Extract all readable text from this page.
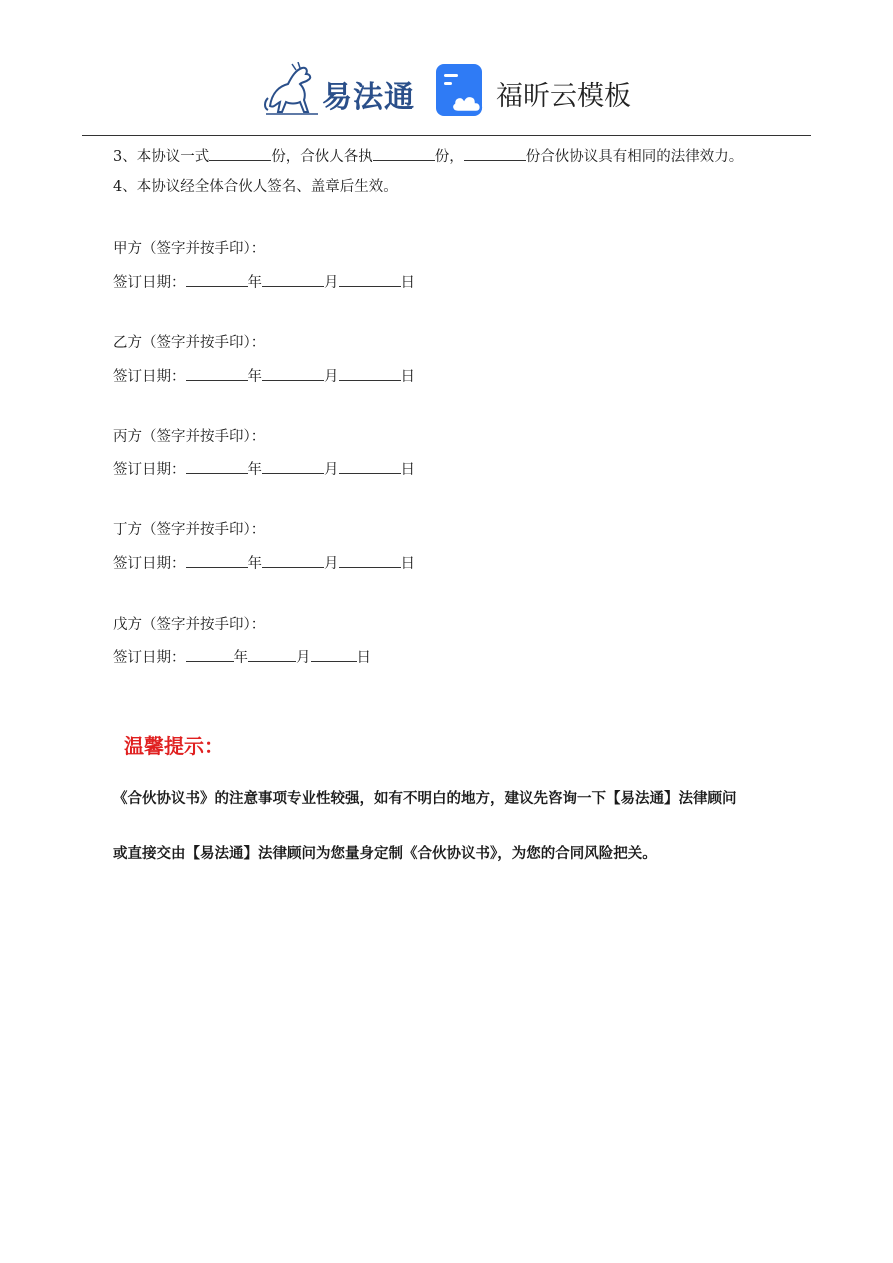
易法通	福昕云模板
3、本协议一式	份，合伙人各执	份，	份合伙协议具有相同的法律效力。
4、本协议经全体合伙人签名、盖章后生效。
甲方（签字并按手印）：
签订日期：	年	月	日
乙方（签字并按手印）：
签订日期：	年	月	日
丙方（签字并按手印）：
签订日期：	年	月	日
丁方（签字并按手印）：
签订日期：	年	月	日
戊方（签字并按手印）：
签订日期：	年	月	日
温馨提示：
《合伙协议书》的注意事项专业性较强，如有不明白的地方，建议先咨询一下【易法通】法律顾问
或直接交由【易法通】法律顾问为您量身定制《合伙协议书》，为您的合同风险把关。
